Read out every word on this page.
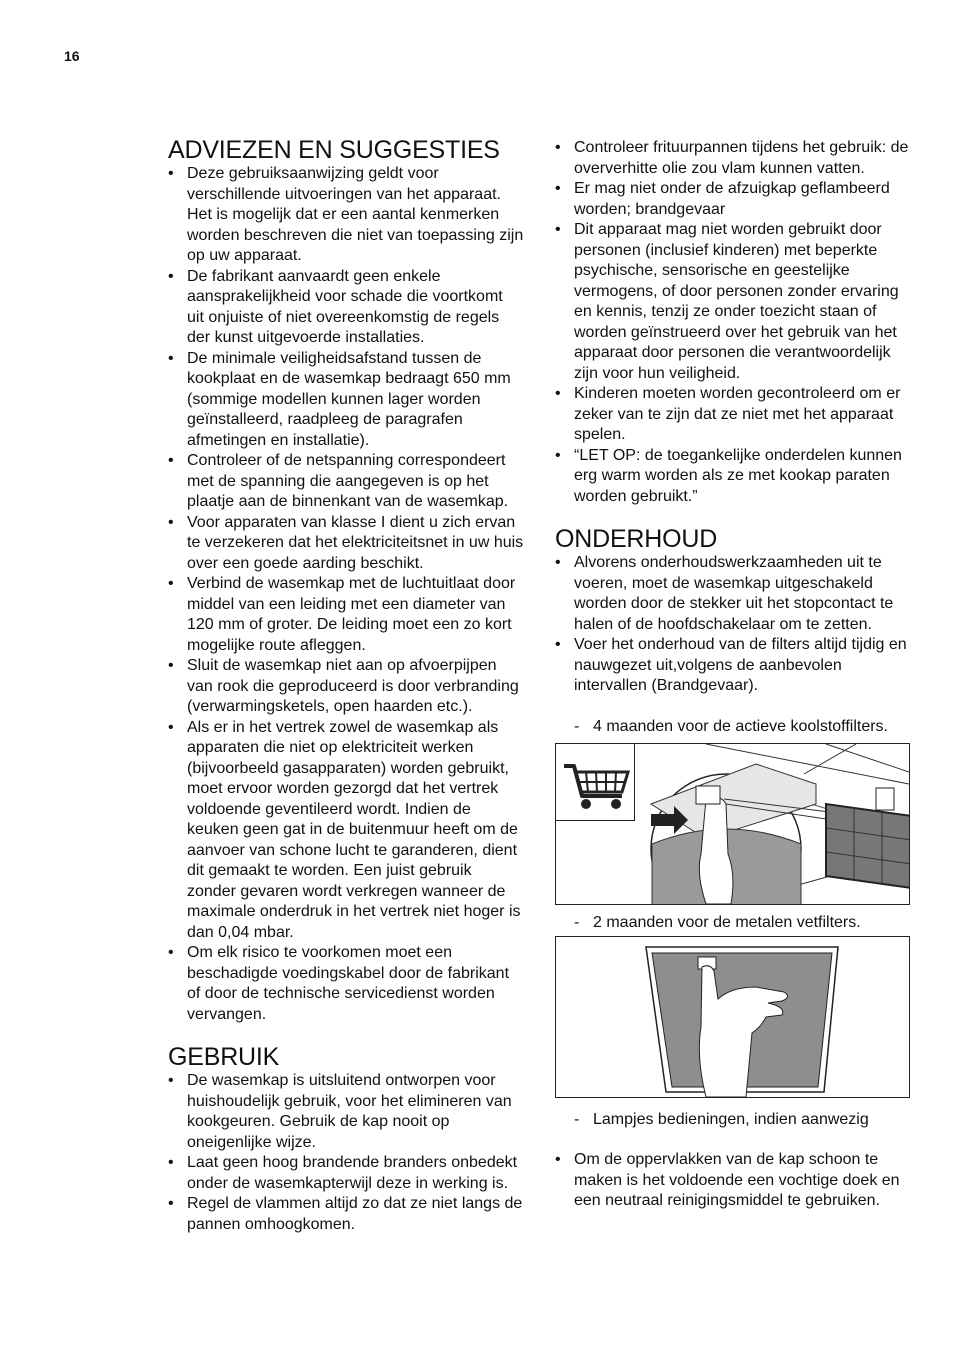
16
ADVIEZEN EN SUGGESTIES
• Deze gebruiksaanwijzing geldt voor verschillende uitvoeringen van het apparaat. Het is mogelijk dat er een aantal kenmerken worden beschreven die niet van toepassing zijn op uw apparaat.
• De fabrikant aanvaardt geen enkele aansprakelijkheid voor schade die voortkomt uit onjuiste of niet overeenkomstig de regels der kunst uitgevoerde installaties.
• De minimale veiligheidsafstand tussen de kookplaat en de wasemkap bedraagt 650 mm (sommige modellen kunnen lager worden geïnstalleerd, raadpleeg de paragrafen afmetingen en installatie).
• Controleer of de netspanning correspondeert met de spanning die aangegeven is op het plaatje aan de binnenkant van de wasemkap.
• Voor apparaten van klasse I dient u zich ervan te verzekeren dat het elektriciteitsnet in uw huis over een goede aarding beschikt.
• Verbind de wasemkap met de luchtuitlaat door middel van een leiding met een diameter van 120 mm of groter. De leiding moet een zo kort mogelijke route afleggen.
• Sluit de wasemkap niet aan op afvoerpijpen van rook die geproduceerd is door verbranding (verwarmingsketels, open haarden etc.).
• Als er in het vertrek zowel de wasemkap als apparaten die niet op elektriciteit werken (bijvoorbeeld gasapparaten) worden gebruikt, moet ervoor worden gezorgd dat het vertrek voldoende geventileerd wordt. Indien de keuken geen gat in de buitenmuur heeft om de aanvoer van schone lucht te garanderen, dient dit gemaakt te worden. Een juist gebruik zonder gevaren wordt verkregen wanneer de maximale onderdruk in het vertrek niet hoger is dan 0,04 mbar.
• Om elk risico te voorkomen moet een beschadigde voedingskabel door de fabrikant of door de technische servicedienst worden vervangen.
GEBRUIK
• De wasemkap is uitsluitend ontworpen voor huishoudelijk gebruik, voor het elimineren van kookgeuren. Gebruik de kap nooit op oneigenlijke wijze.
• Laat geen hoog brandende branders onbedekt onder de wasemkapterwijl deze in werking is.
• Regel de vlammen altijd zo dat ze niet langs de pannen omhoogkomen.
• Controleer frituurpannen tijdens het gebruik: de oververhitte olie zou vlam kunnen vatten.
• Er mag niet onder de afzuigkap geflambeerd worden; brandgevaar
• Dit apparaat mag niet worden gebruikt door personen (inclusief kinderen) met beperkte psychische, sensorische en geestelijke vermogens, of door personen zonder ervaring en kennis, tenzij ze onder toezicht staan of worden geïnstrueerd over het gebruik van het apparaat door personen die verantwoordelijk zijn voor hun veiligheid.
• Kinderen moeten worden gecontroleerd om er zeker van te zijn dat ze niet met het apparaat spelen.
• “LET OP: de toegankelijke onderdelen kunnen erg warm worden als ze met kookap paraten worden gebruikt.”
ONDERHOUD
• Alvorens onderhoudswerkzaamheden uit te voeren, moet de wasemkap uitgeschakeld worden door de stekker uit het stopcontact te halen of de hoofdschakelaar om te zetten.
• Voer het onderhoud van de filters altijd tijdig en nauwgezet uit,volgens de aanbevolen intervallen (Brandgevaar).
- 4 maanden voor de actieve koolstoffilters.
- 2 maanden voor de metalen vetfilters.
- Lampjes bedieningen, indien aanwezig
• Om de oppervlakken van de kap schoon te maken is het voldoende een vochtige doek en een neutraal reinigingsmiddel te gebruiken.
